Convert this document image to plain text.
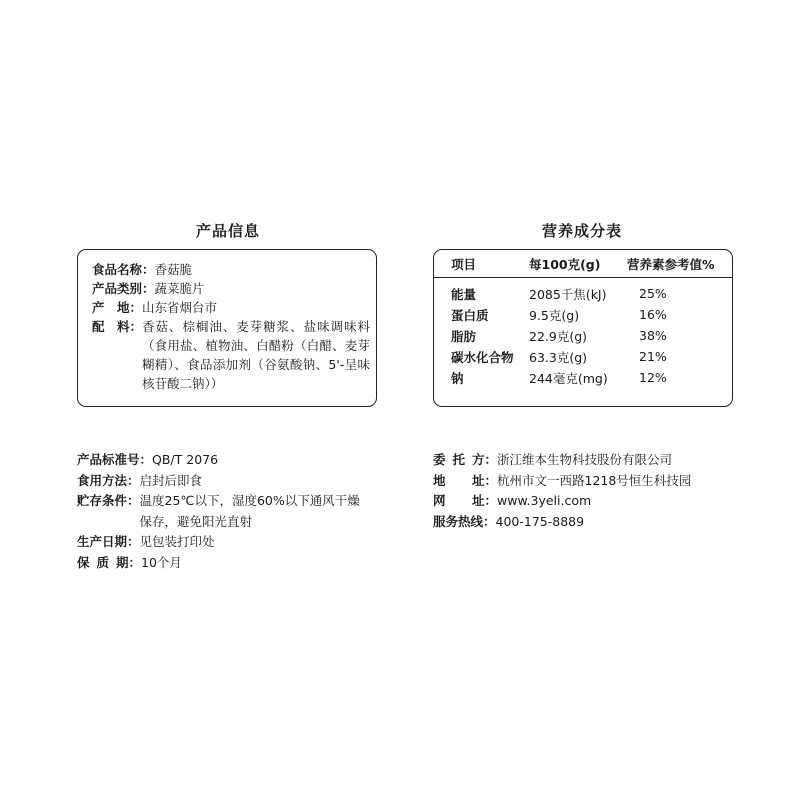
产品信息	营养成分表
食品名称： 香菇脆
产品类别： 蔬菜脆片
产 地： 山东省烟台市
配 料： 香菇、棕榈油、麦芽糖浆、盐味调味料（食用盐、植物油、白醋粉（白醋、麦芽糊精）、食品添加剂（谷氨酸钠、5'-呈味核苷酸二钠））
项目	每100克(g)	营养素参考值%
能量	2085千焦(kJ)	25%
蛋白质	9.5克(g)	16%
脂肪	22.9克(g)	38%
碳水化合物	63.3克(g)	21%
钠	244毫克(mg)	12%
产品标准号： QB/T 2076
食用方法： 启封后即食
贮存条件： 温度25℃以下，湿度60%以下通风干燥保存，避免阳光直射
生产日期： 见包装打印处
保 质 期： 10个月
委 托 方： 浙江维本生物科技股份有限公司
地 址： 杭州市文一西路1218号恒生科技园
网 址： www.3yeli.com
服务热线： 400-175-8889
